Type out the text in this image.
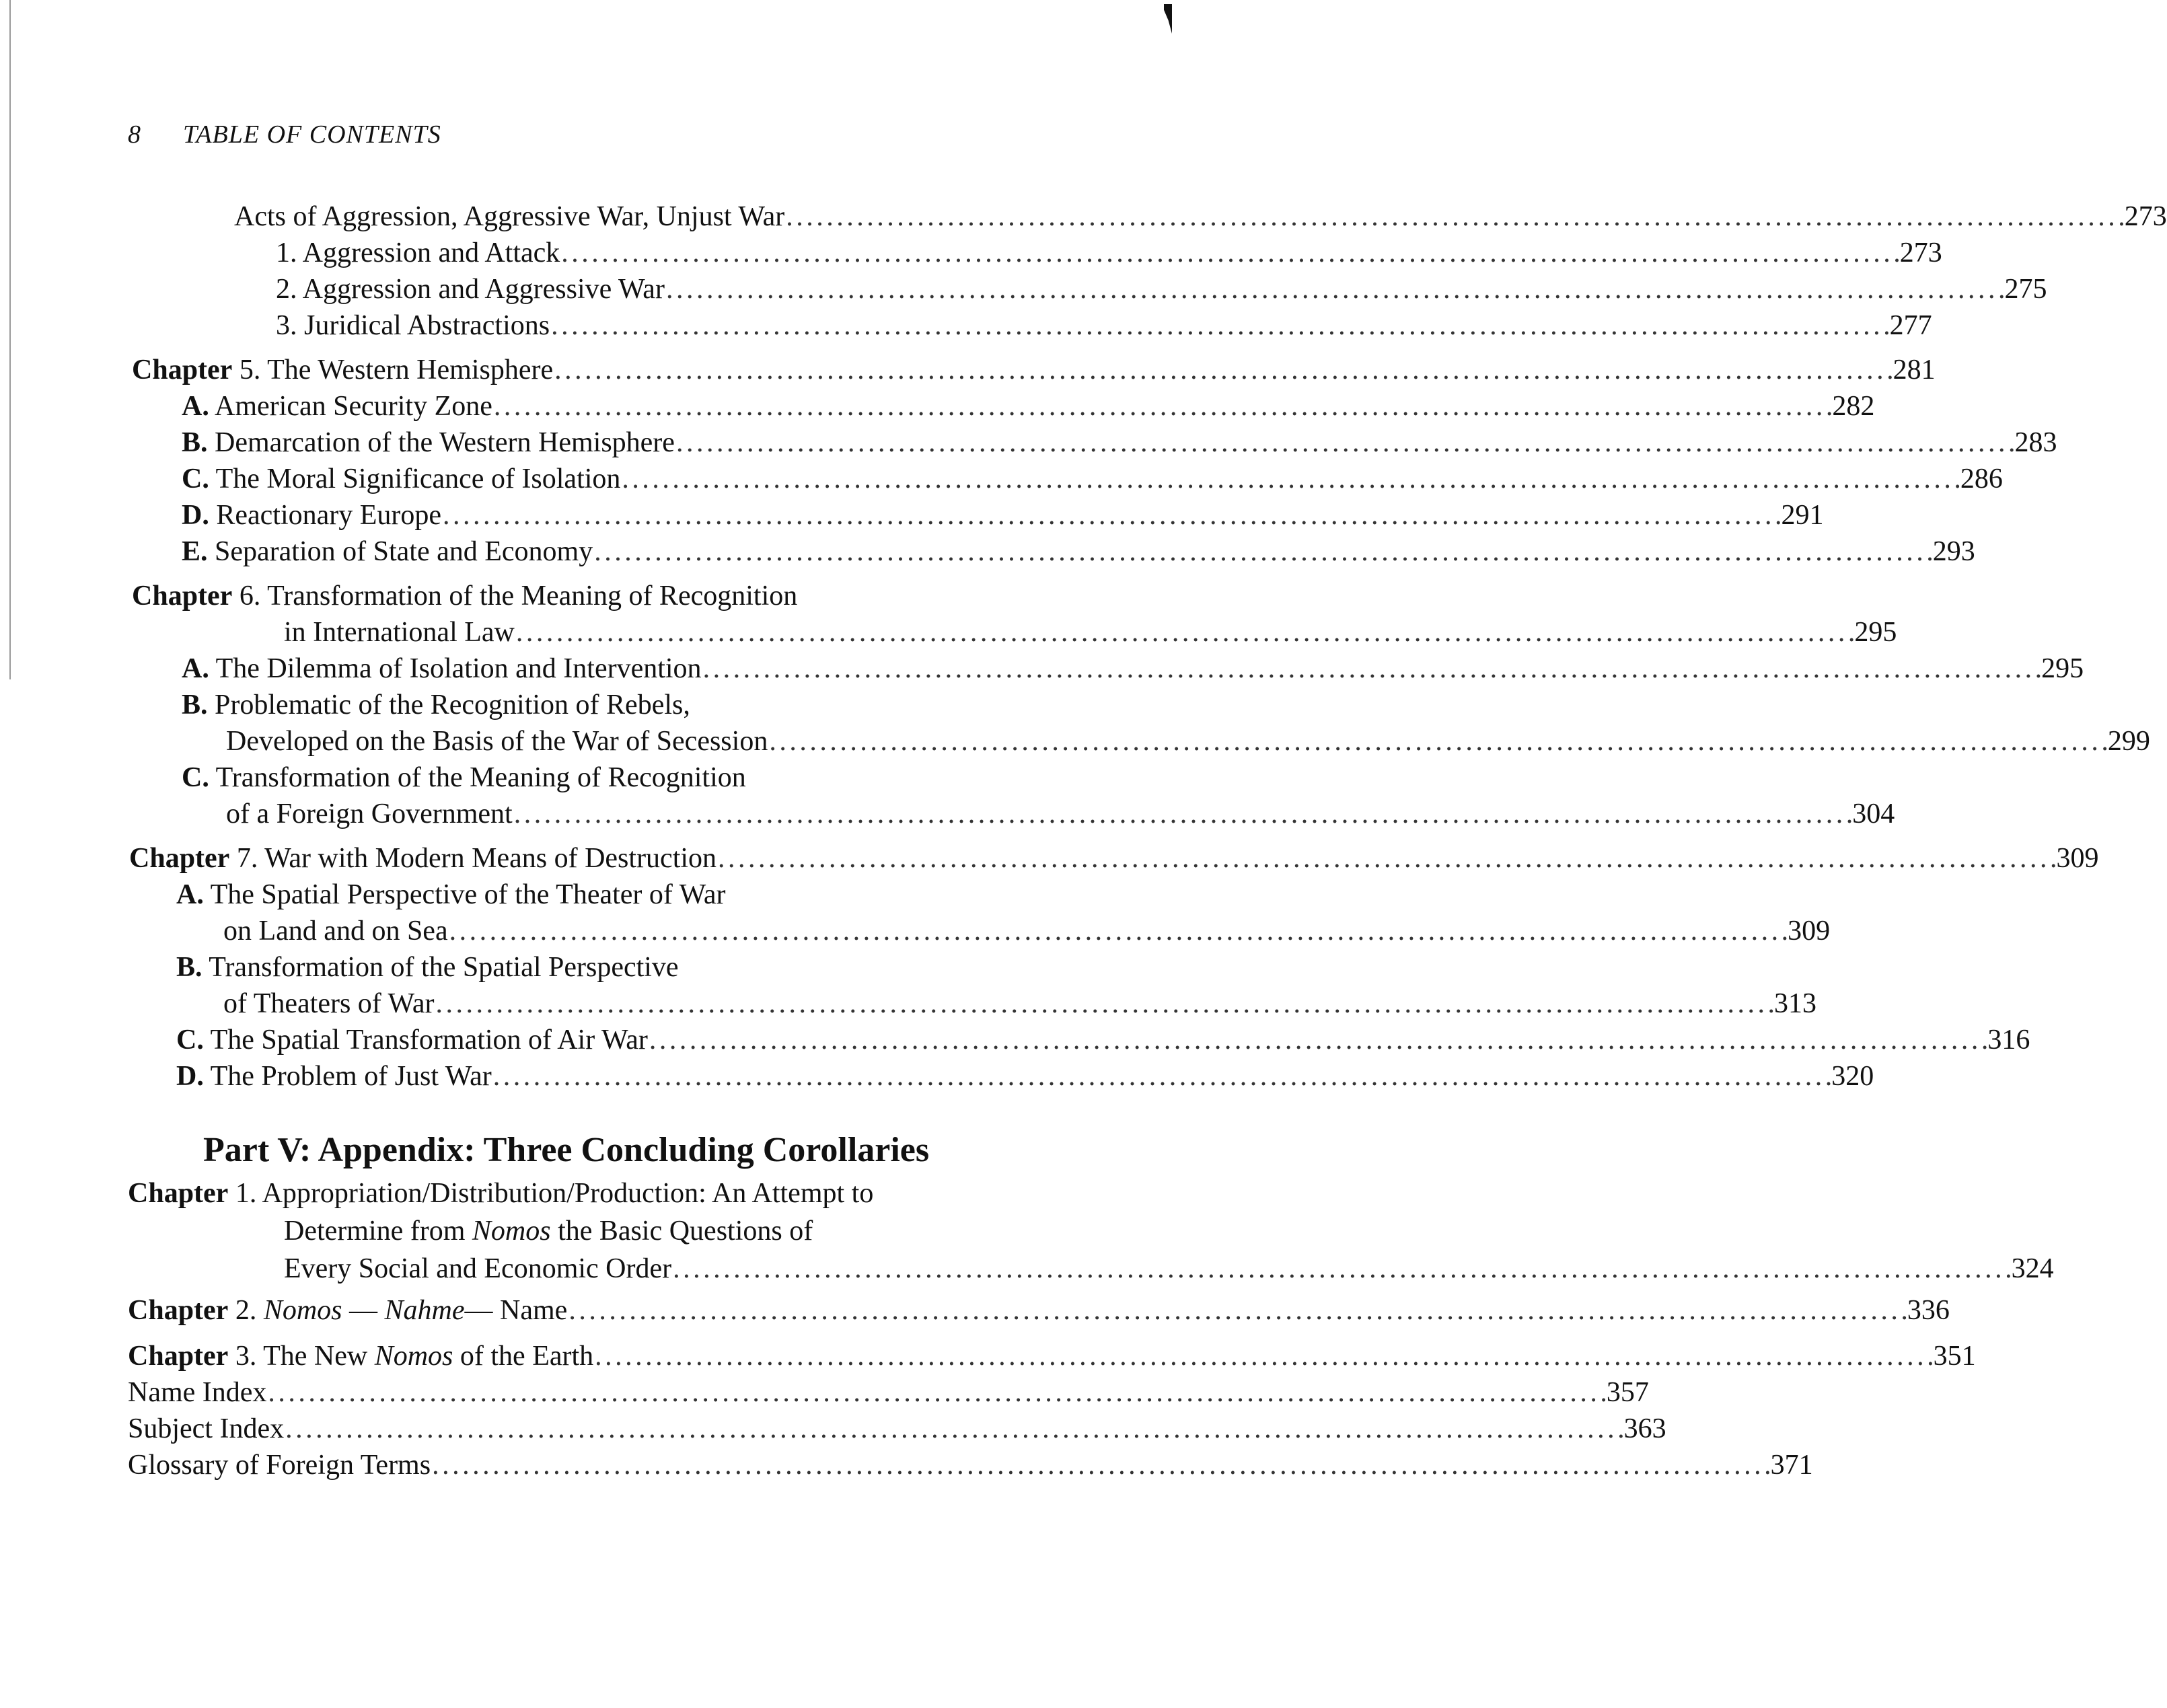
8 TABLE OF CONTENTS
Acts of Aggression, Aggressive War, Unjust War . . .	273
1. Aggression and Attack . . .	273
2. Aggression and Aggressive War . . .	275
3. Juridical Abstractions . . .	277
Chapter 5. The Western Hemisphere . . .	281
A. American Security Zone . . .	282
B. Demarcation of the Western Hemisphere . . .	283
C. The Moral Significance of Isolation . . .	286
D. Reactionary Europe . . .	291
E. Separation of State and Economy . . .	293
Chapter 6. Transformation of the Meaning of Recognition
in International Law . . .	295
A. The Dilemma of Isolation and Intervention . . .	295
B. Problematic of the Recognition of Rebels,
Developed on the Basis of the War of Secession . . .	299
C. Transformation of the Meaning of Recognition
of a Foreign Government . . .	304
Chapter 7. War with Modern Means of Destruction . . .	309
A. The Spatial Perspective of the Theater of War
on Land and on Sea . . .	309
B. Transformation of the Spatial Perspective
of Theaters of War . . .	313
C. The Spatial Transformation of Air War . . .	316
D. The Problem of Just War . . .	320
Part V: Appendix: Three Concluding Corollaries
Chapter 1. Appropriation/Distribution/Production: An Attempt to
Determine from Nomos the Basic Questions of
Every Social and Economic Order . . .	324
Chapter 2. Nomos — Nahme— Name . . .	336
Chapter 3. The New Nomos of the Earth . . .	351
Name Index . . .	357
Subject Index . . .	363
Glossary of Foreign Terms . . .	371
